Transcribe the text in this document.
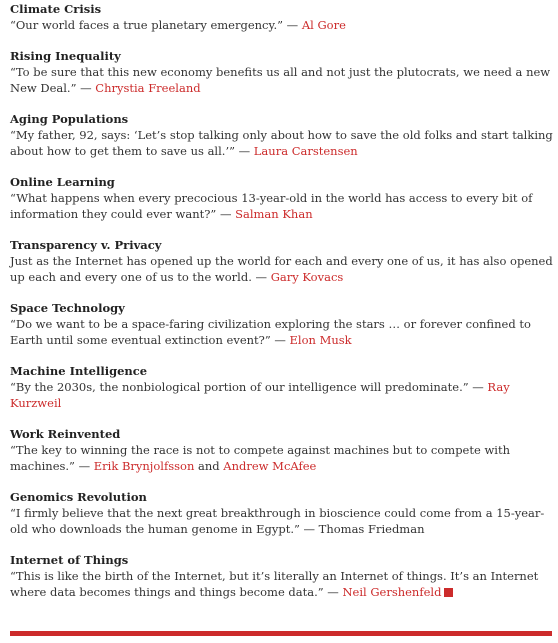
Climate Crisis

“Our world faces a true planetary emergency.” — Al Gore

Rising Inequality

“To be sure that this new economy benefits us all and not just the plutocrats, we need a new New Deal.” — Chrystia Freeland

Aging Populations

“My father, 92, says: ‘Let’s stop talking only about how to save the old folks and start talking about how to get them to save us all.’” — Laura Carstensen

Online Learning

“What happens when every precocious 13-year-old in the world has access to every bit of information they could ever want?” — Salman Khan

Transparency v. Privacy

Just as the Internet has opened up the world for each and every one of us, it has also opened up each and every one of us to the world. — Gary Kovacs

Space Technology

“Do we want to be a space-faring civilization exploring the stars … or forever confined to Earth until some eventual extinction event?” — Elon Musk

Machine Intelligence

“By the 2030s, the nonbiological portion of our intelligence will predominate.” — Ray Kurzweil

Work Reinvented

“The key to winning the race is not to compete against machines but to compete with machines.” — Erik Brynjolfsson and Andrew McAfee

Genomics Revolution

“I firmly believe that the next great breakthrough in bioscience could come from a 15-year-old who downloads the human genome in Egypt.” — Thomas Friedman

Internet of Things

“This is like the birth of the Internet, but it’s literally an Internet of things. It’s an Internet where data becomes things and things become data.” — Neil Gershenfeld
